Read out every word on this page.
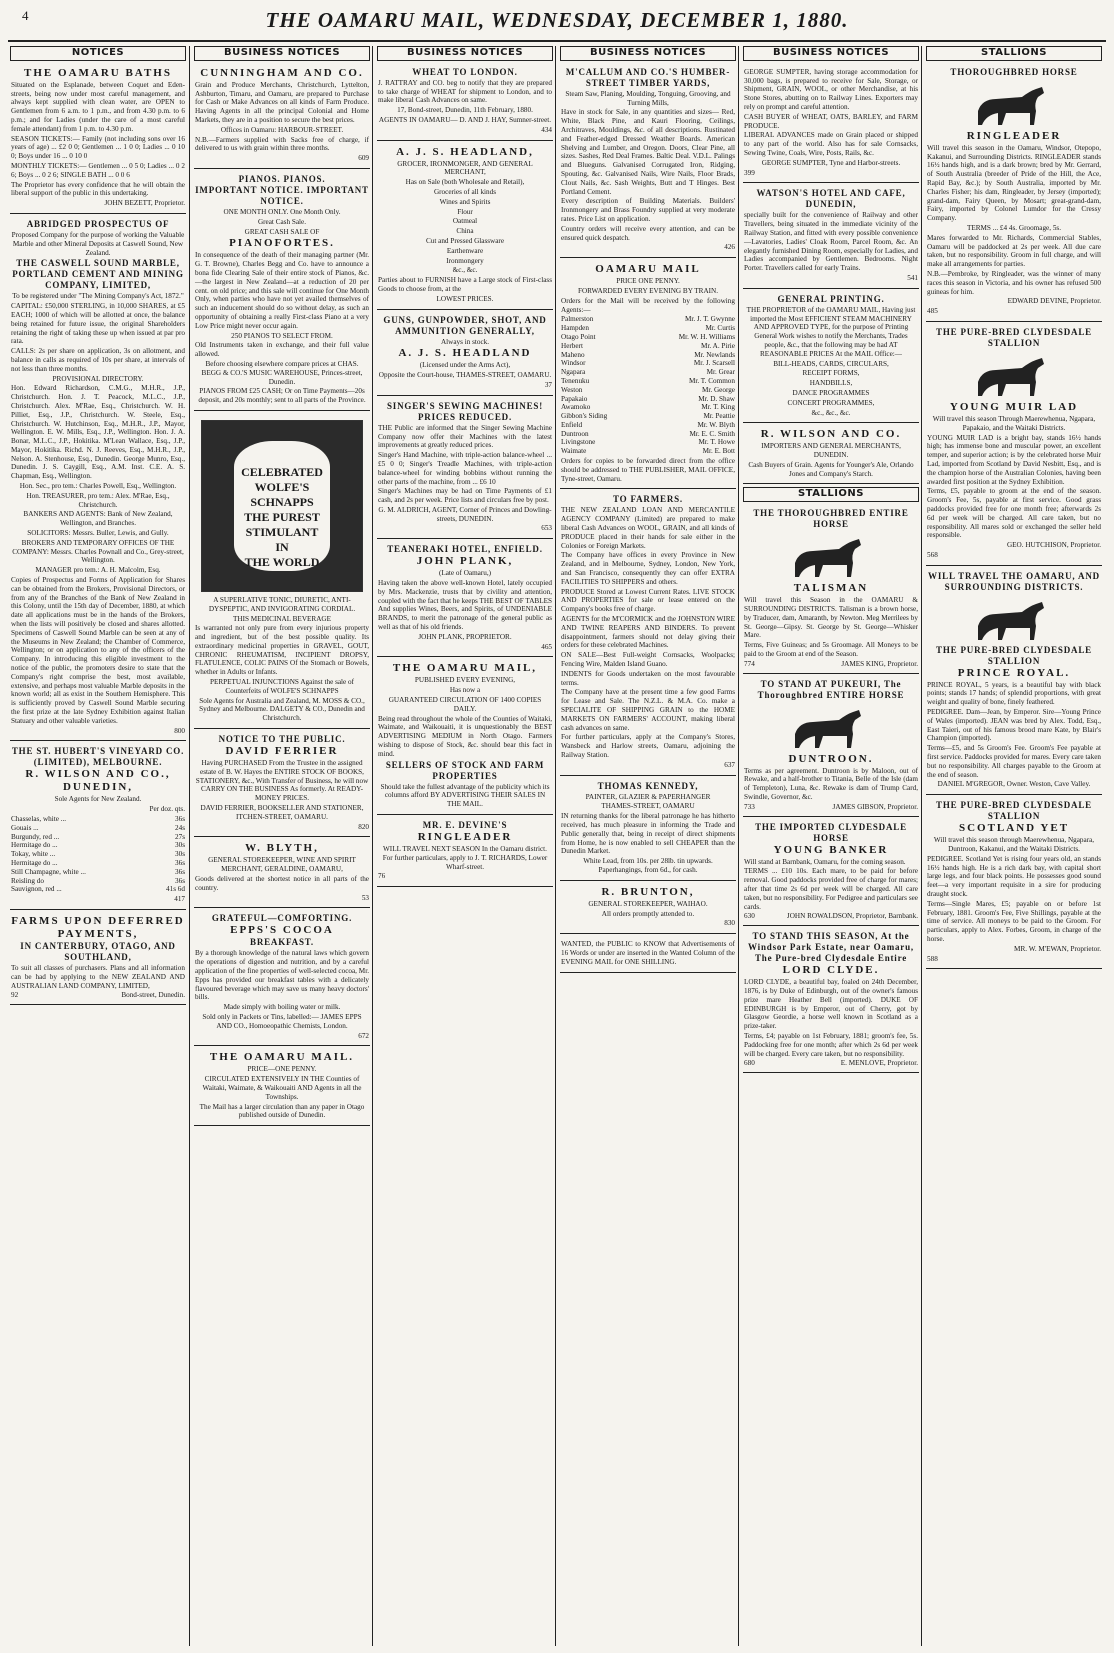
4	THE OAMARU MAIL, WEDNESDAY, DECEMBER 1, 1880.
NOTICES
THE OAMARU BATHS

Situated on the Esplanade, between Coquet and Eden-streets, being now under most careful management, and always kept supplied with clean water, are OPEN to Gentlemen from 6 a.m. to 1 p.m., and from 4.30 p.m. to 6 p.m.; and for Ladies (under the care of a most careful female attendant) from 1 p.m. to 4.30 p.m.

SEASON TICKETS:— Family (not including sons over 16 years of age) ... £2 0 0; Gentlemen ... 1 0 0; Ladies ... 0 10 0; Boys under 16 ... 0 10 0

MONTHLY TICKETS:— Gentlemen ... 0 5 0; Ladies ... 0 2 6; Boys ... 0 2 6; SINGLE BATH ... 0 0 6

The Proprietor has every confidence that he will obtain the liberal support of the public in this undertaking.

JOHN BEZETT, Proprietor.

ABRIDGED PROSPECTUS OF

Proposed Company for the purpose of working the Valuable Marble and other Mineral Deposits at Caswell Sound, New Zealand.

THE CASWELL SOUND MARBLE, PORTLAND CEMENT AND MINING COMPANY, LIMITED,

To be registered under "The Mining Company's Act, 1872."

CAPITAL: £50,000 STERLING, in 10,000 SHARES, at £5 EACH; 1000 of which will be allotted at once, the balance being retained for future issue, the original Shareholders retaining the right of taking these up when issued at par pro rata.

CALLS: 2s per share on application, 3s on allotment, and balance in calls as required of 10s per share, at intervals of not less than three months.

PROVISIONAL DIRECTORY.

Hon. Edward Richardson, C.M.G., M.H.R., J.P., Christchurch. Hon. J. T. Peacock, M.L.C., J.P., Christchurch. Alex. M'Rae, Esq., Christchurch. W. H. Pilliet, Esq., J.P., Christchurch. W. Steele, Esq., Christchurch. W. Hutchinson, Esq., M.H.R., J.P., Mayor, Wellington. E. W. Mills, Esq., J.P., Wellington. Hon. J. A. Bonar, M.L.C., J.P., Hokitika. M'Lean Wallace, Esq., J.P., Mayor, Hokitika. Richd. N. J. Reeves, Esq., M.H.R., J.P., Nelson. A. Stenhouse, Esq., Dunedin. George Munro, Esq., Dunedin. J. S. Caygill, Esq., A.M. Inst. C.E. A. S. Chapman, Esq., Wellington.

Hon. Sec., pro tem.: Charles Powell, Esq., Wellington.

Hon. TREASURER, pro tem.: Alex. M'Rae, Esq., Christchurch.

BANKERS AND AGENTS: Bank of New Zealand, Wellington, and Branches.

SOLICITORS: Messrs. Buller, Lewis, and Gully.

BROKERS AND TEMPORARY OFFICES OF THE COMPANY: Messrs. Charles Pownall and Co., Grey-street, Wellington.

MANAGER pro tem.: A. H. Malcolm, Esq.

Copies of Prospectus and Forms of Application for Shares can be obtained from the Brokers, Provisional Directors, or from any of the Branches of the Bank of New Zealand in this Colony, until the 15th day of December, 1880, at which date all applications must be in the hands of the Brokers, when the lists will positively be closed and shares allotted. Specimens of Caswell Sound Marble can be seen at any of the Museums in New Zealand; the Chamber of Commerce, Wellington; or on application to any of the officers of the Company. In introducing this eligible investment to the notice of the public, the promoters desire to state that the Company's right comprise the best, most available, extensive, and perhaps most valuable Marble deposits in the known world; all as exist in the Southern Hemisphere. This is sufficiently proved by Caswell Sound Marble securing the first prize at the late Sydney Exhibition against Italian Statuary and other valuable varieties.

800

THE ST. HUBERT'S VINEYARD CO. (LIMITED), MELBOURNE.
R. WILSON AND CO., DUNEDIN,

Sole Agents for New Zealand.

Per doz. qts.

Chasselas, white ...	36s
Gouais ...	24s
Burgundy, red ...	27s
Hermitage do ...	30s
Tokay, white ...	30s
Hermitage do ...	36s
Still Champagne, white ...	36s
Reisling do	36s
Sauvignon, red ...	41s 6d

417

FARMS UPON DEFERRED PAYMENTS,
IN CANTERBURY, OTAGO, AND SOUTHLAND,

To suit all classes of purchasers. Plans and all information can be had by applying to the NEW ZEALAND AND AUSTRALIAN LAND COMPANY, LIMITED,

92	Bond-street, Dunedin.
BUSINESS NOTICES
CUNNINGHAM AND CO.

Grain and Produce Merchants, Christchurch, Lyttelton, Ashburton, Timaru, and Oamaru, are prepared to Purchase for Cash or Make Advances on all kinds of Farm Produce. Having Agents in all the principal Colonial and Home Markets, they are in a position to secure the best prices.

Offices in Oamaru: HARBOUR-STREET.

N.B.—Farmers supplied with Sacks free of charge, if delivered to us with grain within three months.

609

PIANOS. PIANOS.
IMPORTANT NOTICE. IMPORTANT NOTICE.

ONE MONTH ONLY. One Month Only.

Great Cash Sale.

GREAT CASH SALE OF

PIANOFORTES.

In consequence of the death of their managing partner (Mr. G. T. Browne), Charles Begg and Co. have to announce a bona fide Clearing Sale of their entire stock of Pianos, &c.—the largest in New Zealand—at a reduction of 20 per cent. on old price; and this sale will continue for One Month Only, when parties who have not yet availed themselves of such an inducement should do so without delay, as such an opportunity of obtaining a really First-class Piano at a very Low Price might never occur again.

250 PIANOS TO SELECT FROM.

Old Instruments taken in exchange, and their full value allowed.

Before choosing elsewhere compare prices at CHAS. BEGG & CO.'S MUSIC WAREHOUSE, Princes-street, Dunedin.

PIANOS FROM £25 CASH; Or on Time Payments—20s deposit, and 20s monthly; sent to all parts of the Province.

CELEBRATED
WOLFE'S
SCHNAPPS
THE PUREST STIMULANT
IN
THE WORLD

A SUPERLATIVE TONIC, DIURETIC, ANTI-DYSPEPTIC, AND INVIGORATING CORDIAL.

THIS MEDICINAL BEVERAGE

Is warranted not only pure from every injurious property and ingredient, but of the best possible quality. Its extraordinary medicinal properties in GRAVEL, GOUT, CHRONIC RHEUMATISM, INCIPIENT DROPSY, FLATULENCE, COLIC PAINS Of the Stomach or Bowels, whether in Adults or Infants.

PERPETUAL INJUNCTIONS Against the sale of Counterfeits of WOLFE'S SCHNAPPS

Sole Agents for Australia and Zealand, M. MOSS & CO., Sydney and Melbourne. DALGETY & CO., Dunedin and Christchurch.

NOTICE TO THE PUBLIC.
DAVID FERRIER

Having PURCHASED From the Trustee in the assigned estate of B. W. Hayes the ENTIRE STOCK OF BOOKS, STATIONERY, &c., With Transfer of Business, he will now CARRY ON THE BUSINESS As formerly. At READY-MONEY PRICES.

DAVID FERRIER, BOOKSELLER AND STATIONER, ITCHEN-STREET, OAMARU.

820

W. BLYTH,

GENERAL STOREKEEPER, WINE AND SPIRIT MERCHANT, GERALDINE, OAMARU,

Goods delivered at the shortest notice in all parts of the country.

53

GRATEFUL—COMFORTING.
EPPS'S COCOA
BREAKFAST.

By a thorough knowledge of the natural laws which govern the operations of digestion and nutrition, and by a careful application of the fine properties of well-selected cocoa, Mr. Epps has provided our breakfast tables with a delicately flavoured beverage which may save us many heavy doctors' bills.

Made simply with boiling water or milk.

Sold only in Packets or Tins, labelled:— JAMES EPPS AND CO., Homoeopathic Chemists, London.

672

THE OAMARU MAIL.

PRICE—ONE PENNY.

CIRCULATED EXTENSIVELY IN THE Counties of Waitaki, Waimate, & Waikouaiti AND Agents in all the Townships.

The Mail has a larger circulation than any paper in Otago published outside of Dunedin.

BUSINESS NOTICES
WHEAT TO LONDON.

J. RATTRAY and CO. beg to notify that they are prepared to take charge of WHEAT for shipment to London, and to make liberal Cash Advances on same.

17, Bond-street, Dunedin, 11th February, 1880.

AGENTS IN OAMARU— D. AND J. HAY, Sumner-street.

434

A. J. S. HEADLAND,

GROCER, IRONMONGER, AND GENERAL MERCHANT,

Has on Sale (both Wholesale and Retail),

Groceries of all kinds

Wines and Spirits

Flour

Oatmeal

China

Cut and Pressed Glassware

Earthenware

Ironmongery

&c., &c.

Parties about to FURNISH have a Large stock of First-class Goods to choose from, at the

LOWEST PRICES.

GUNS, GUNPOWDER, SHOT, AND AMMUNITION GENERALLY,

Always in stock.

A. J. S. HEADLAND

(Licensed under the Arms Act),

Opposite the Court-house, THAMES-STREET, OAMARU.

37

SINGER'S SEWING MACHINES! PRICES REDUCED.

THE Public are informed that the Singer Sewing Machine Company now offer their Machines with the latest improvements at greatly reduced prices.

Singer's Hand Machine, with triple-action balance-wheel ... £5 0 0; Singer's Treadle Machines, with triple-action balance-wheel for winding bobbins without running the other parts of the machine, from ... £6 10

Singer's Machines may be had on Time Payments of £1 cash, and 2s per week. Price lists and circulars free by post.

G. M. ALDRICH, AGENT, Corner of Princes and Dowling-streets, DUNEDIN.

653

TEANERAKI HOTEL, ENFIELD.
JOHN PLANK,

(Late of Oamaru,)

Having taken the above well-known Hotel, lately occupied by Mrs. Mackenzie, trusts that by civility and attention, coupled with the fact that he keeps THE BEST OF TABLES And supplies Wines, Beers, and Spirits, of UNDENIABLE BRANDS, to merit the patronage of the general public as well as that of his old friends.

JOHN PLANK, PROPRIETOR.

465

THE OAMARU MAIL,

PUBLISHED EVERY EVENING,

Has now a

GUARANTEED CIRCULATION OF 1400 COPIES DAILY.

Being read throughout the whole of the Counties of Waitaki, Waimate, and Waikouaiti, it is unquestionably the BEST ADVERTISING MEDIUM in North Otago. Farmers wishing to dispose of Stock, &c. should bear this fact in mind.

SELLERS OF STOCK AND FARM PROPERTIES

Should take the fullest advantage of the publicity which its columns afford BY ADVERTISING THEIR SALES IN THE MAIL.

MR. E. DEVINE'S
RINGLEADER

WILL TRAVEL NEXT SEASON In the Oamaru district. For further particulars, apply to J. T. RICHARDS, Lower Wharf-street.

76

BUSINESS NOTICES
M'CALLUM AND CO.'S HUMBER-STREET TIMBER YARDS,

Steam Saw, Planing, Moulding, Tonguing, Grooving, and Turning Mills,

Have in stock for Sale, in any quantities and sizes— Red, White, Black Pine, and Kauri Flooring, Ceilings, Architraves, Mouldings, &c. of all descriptions. Rustinated and Feather-edged Dressed Weather Boards. American Shelving and Lumber, and Oregon. Doors, Clear Pine, all sizes. Sashes, Red Deal Frames. Baltic Deal. V.D.L. Palings and Blueguns. Galvanised Corrugated Iron, Ridging, Spouting, &c. Galvanised Nails, Wire Nails, Floor Brads, Clout Nails, &c. Sash Weights, Butt and T Hinges. Best Portland Cement.

Every description of Building Materials. Builders' Ironmongery and Brass Foundry supplied at very moderate rates. Price List on application.

Country orders will receive every attention, and can be ensured quick despatch.

426

OAMARU MAIL

PRICE ONE PENNY.

FORWARDED EVERY EVENING BY TRAIN.

Orders for the Mail will be received by the following Agents:—

Palmerston	Mr. J. T. Gwynne
Hampden	Mr. Curtis
Otago Point	Mr. W. H. Williams
Herbert	Mr. A. Pirie
Maheno	Mr. Newlands
Windsor	Mr. J. Scarsell
Ngapara	Mr. Grear
Tenenuku	Mr. T. Common
Weston	Mr. George
Papakaio	Mr. D. Shaw
Awamoko	Mr. T. King
Gibbon's Siding	Mr. Peattie
Enfield	Mr. W. Blyth
Duntroon	Mr. E. C. Smith
Livingstone	Mr. T. Howe
Waimate	Mr. E. Bott

Orders for copies to be forwarded direct from the office should be addressed to THE PUBLISHER, MAIL OFFICE, Tyne-street, Oamaru.

TO FARMERS.

THE NEW ZEALAND LOAN AND MERCANTILE AGENCY COMPANY (Limited) are prepared to make liberal Cash Advances on WOOL, GRAIN, and all kinds of PRODUCE placed in their hands for sale either in the Colonies or Foreign Markets.

The Company have offices in every Province in New Zealand, and in Melbourne, Sydney, London, New York, and San Francisco, consequently they can offer EXTRA FACILITIES TO SHIPPERS and others.

PRODUCE Stored at Lowest Current Rates. LIVE STOCK AND PROPERTIES for sale or lease entered on the Company's books free of charge.

AGENTS for the M'CORMICK and the JOHNSTON WIRE AND TWINE REAPERS AND BINDERS. To prevent disappointment, farmers should not delay giving their orders for these celebrated Machines.

ON SALE—Best Full-weight Cornsacks, Woolpacks; Fencing Wire, Malden Island Guano.

INDENTS for Goods undertaken on the most favourable terms.

The Company have at the present time a few good Farms for Lease and Sale. The N.Z.L. & M.A. Co. make a SPECIALITE OF SHIPPING GRAIN to the HOME MARKETS ON FARMERS' ACCOUNT, making liberal cash advances on same.

For further particulars, apply at the Company's Stores, Wansbeck and Harlow streets, Oamaru, adjoining the Railway Station.

637

THOMAS KENNEDY,

PAINTER, GLAZIER & PAPERHANGER

THAMES-STREET, OAMARU

IN returning thanks for the liberal patronage he has hitherto received, has much pleasure in informing the Trade and Public generally that, being in receipt of direct shipments from Home, he is now enabled to sell CHEAPER than the Dunedin Market.

White Lead, from 10s. per 28lb. tin upwards. Paperhangings, from 6d., for cash.

R. BRUNTON,

GENERAL STOREKEEPER, WAIHAO.

All orders promptly attended to.

830

WANTED, the PUBLIC to KNOW that Advertisements of 16 Words or under are inserted in the Wanted Column of the EVENING MAIL for ONE SHILLING.

BUSINESS NOTICES

GEORGE SUMPTER, having storage accommodation for 30,000 bags, is prepared to receive for Sale, Storage, or Shipment, GRAIN, WOOL, or other Merchandise, at his Stone Stores, abutting on to Railway Lines. Exporters may rely on prompt and careful attention.

CASH BUYER of WHEAT, OATS, BARLEY, and FARM PRODUCE.

LIBERAL ADVANCES made on Grain placed or shipped to any part of the world. Also has for sale Cornsacks, Sewing Twine, Coals, Wire, Posts, Rails, &c.

GEORGE SUMPTER, Tyne and Harbor-streets.

399

WATSON'S HOTEL AND CAFE, DUNEDIN,

specially built for the convenience of Railway and other Travellers, being situated in the immediate vicinity of the Railway Station, and fitted with every possible convenience—Lavatories, Ladies' Cloak Room, Parcel Room, &c. An elegantly furnished Dining Room, especially for Ladies, and Ladies accompanied by Gentlemen. Bedrooms. Night Porter. Travellers called for early Trains.

541

GENERAL PRINTING.

THE PROPRIETOR of the OAMARU MAIL, Having just imported the Most EFFICIENT STEAM MACHINERY AND APPROVED TYPE, for the purpose of Printing General Work wishes to notify the Merchants, Trades people, &c., that the following may be had AT REASONABLE PRICES At the MAIL Office:—

BILL-HEADS, CARDS, CIRCULARS,

RECEIPT FORMS,

HANDBILLS,

DANCE PROGRAMMES

CONCERT PROGRAMMES,

&c., &c., &c.

R. WILSON AND CO.

IMPORTERS AND GENERAL MERCHANTS, DUNEDIN.

Cash Buyers of Grain. Agents for Younger's Ale, Orlando Jones and Company's Starch.

STALLIONS
THE THOROUGHBRED ENTIRE HORSE
TALISMAN

Will travel this Season in the OAMARU & SURROUNDING DISTRICTS. Talisman is a brown horse, by Traducer, dam, Amaranth, by Newton. Meg Merrilees by St. George—Gipsy. St. George by St. George—Whisker Mare.

Terms, Five Guineas; and 5s Groomage. All Moneys to be paid to the Groom at end of the Season.

774	JAMES KING, Proprietor.
TO STAND AT PUKEURI, The Thoroughbred ENTIRE HORSE
DUNTROON.

Terms as per agreement. Duntroon is by Maloon, out of Rewake, and a half-brother to Titania, Belle of the Isle (dam of Templeton), Luna, &c. Rewake is dam of Trump Card, Swindle, Governor, &c.

733	JAMES GIBSON, Proprietor.
THE IMPORTED CLYDESDALE HORSE
YOUNG BANKER

Will stand at Barnbank, Oamaru, for the coming season.

TERMS ... £10 10s. Each mare, to be paid for before removal. Good paddocks provided free of charge for mares; after that time 2s 6d per week will be charged. All care taken, but no responsibility. For Pedigree and particulars see cards.

630	JOHN ROWALDSON, Proprietor, Barnbank.
TO STAND THIS SEASON, At the Windsor Park Estate, near Oamaru, The Pure-bred Clydesdale Entire
LORD CLYDE.

LORD CLYDE, a beautiful bay, foaled on 24th December, 1876, is by Duke of Edinburgh, out of the owner's famous prize mare Heather Bell (imported). DUKE OF EDINBURGH is by Emperor, out of Cherry, got by Glasgow Geordie, a horse well known in Scotland as a prize-taker.

Terms, £4; payable on 1st February, 1881; groom's fee, 5s. Paddocking free for one month; after which 2s 6d per week will be charged. Every care taken, but no responsibility.

680	E. MENLOVE, Proprietor.
STALLIONS
THOROUGHBRED HORSE
RINGLEADER

Will travel this season in the Oamaru, Windsor, Otepopo, Kakanui, and Surrounding Districts. RINGLEADER stands 16½ hands high, and is a dark brown; bred by Mr. Gerrard, of South Australia (breeder of Pride of the Hill, the Ace, Rapid Bay, &c.); by South Australia, imported by Mr. Charles Fisher; his dam, Ringleader, by Jersey (imported); grand-dam, Fairy Queen, by Mosart; great-grand-dam, Fairy, imported by Colonel Lumdor for the Cressy Company.

TERMS ... £4 4s. Groomage, 5s.

Mares forwarded to Mr. Richards, Commercial Stables, Oamaru will be paddocked at 2s per week. All due care taken, but no responsibility. Groom in full charge, and will make all arrangements for parties.

N.B.—Pembroke, by Ringleader, was the winner of many races this season in Victoria, and his owner has refused 500 guineas for him.

EDWARD DEVINE, Proprietor.

485

THE PURE-BRED CLYDESDALE STALLION
YOUNG MUIR LAD

Will travel this season Through Maerewhenua, Ngapara, Papakaio, and the Waitaki Districts.

YOUNG MUIR LAD is a bright bay, stands 16½ hands high; has immense bone and muscular power, an excellent temper, and superior action; is by the celebrated horse Muir Lad, imported from Scotland by David Nesbitt, Esq., and is the champion horse of the Australian Colonies, having been awarded first position at the Sydney Exhibition.

Terms, £5, payable to groom at the end of the season. Groom's Fee, 5s, payable at first service. Good grass paddocks provided free for one month free; afterwards 2s 6d per week will be charged. All care taken, but no responsibility. All mares sold or exchanged the seller held responsible.

GEO. HUTCHISON, Proprietor.

568

WILL TRAVEL THE OAMARU, AND SURROUNDING DISTRICTS.
THE PURE-BRED CLYDESDALE STALLION
PRINCE ROYAL.

PRINCE ROYAL, 5 years, is a beautiful bay with black points; stands 17 hands; of splendid proportions, with great weight and quality of bone, finely feathered.

PEDIGREE. Dam—Jean, by Emperor. Sire—Young Prince of Wales (imported). JEAN was bred by Alex. Todd, Esq., East Taieri, out of his famous brood mare Kate, by Blair's Champion (imported).

Terms—£5, and 5s Groom's Fee. Groom's Fee payable at first service. Paddocks provided for mares. Every care taken but no responsibility. All charges payable to the Groom at the end of season.

DANIEL M'GREGOR, Owner. Weston, Cave Valley.

THE PURE-BRED CLYDESDALE STALLION
SCOTLAND YET

Will travel this season through Maerewhenua, Ngapara, Duntroon, Kakanui, and the Waitaki Districts.

PEDIGREE. Scotland Yet is rising four years old, an stands 16½ hands high. He is a rich dark bay, with capital short large legs, and four black points. He possesses good sound feet—a very important requisite in a sire for producing draught stock.

Terms—Single Mares, £5; payable on or before 1st February, 1881. Groom's Fee, Five Shillings, payable at the time of service. All moneys to be paid to the Groom. For particulars, apply to Alex. Forbes, Groom, in charge of the horse.

MR. W. M'EWAN, Proprietor.

588
